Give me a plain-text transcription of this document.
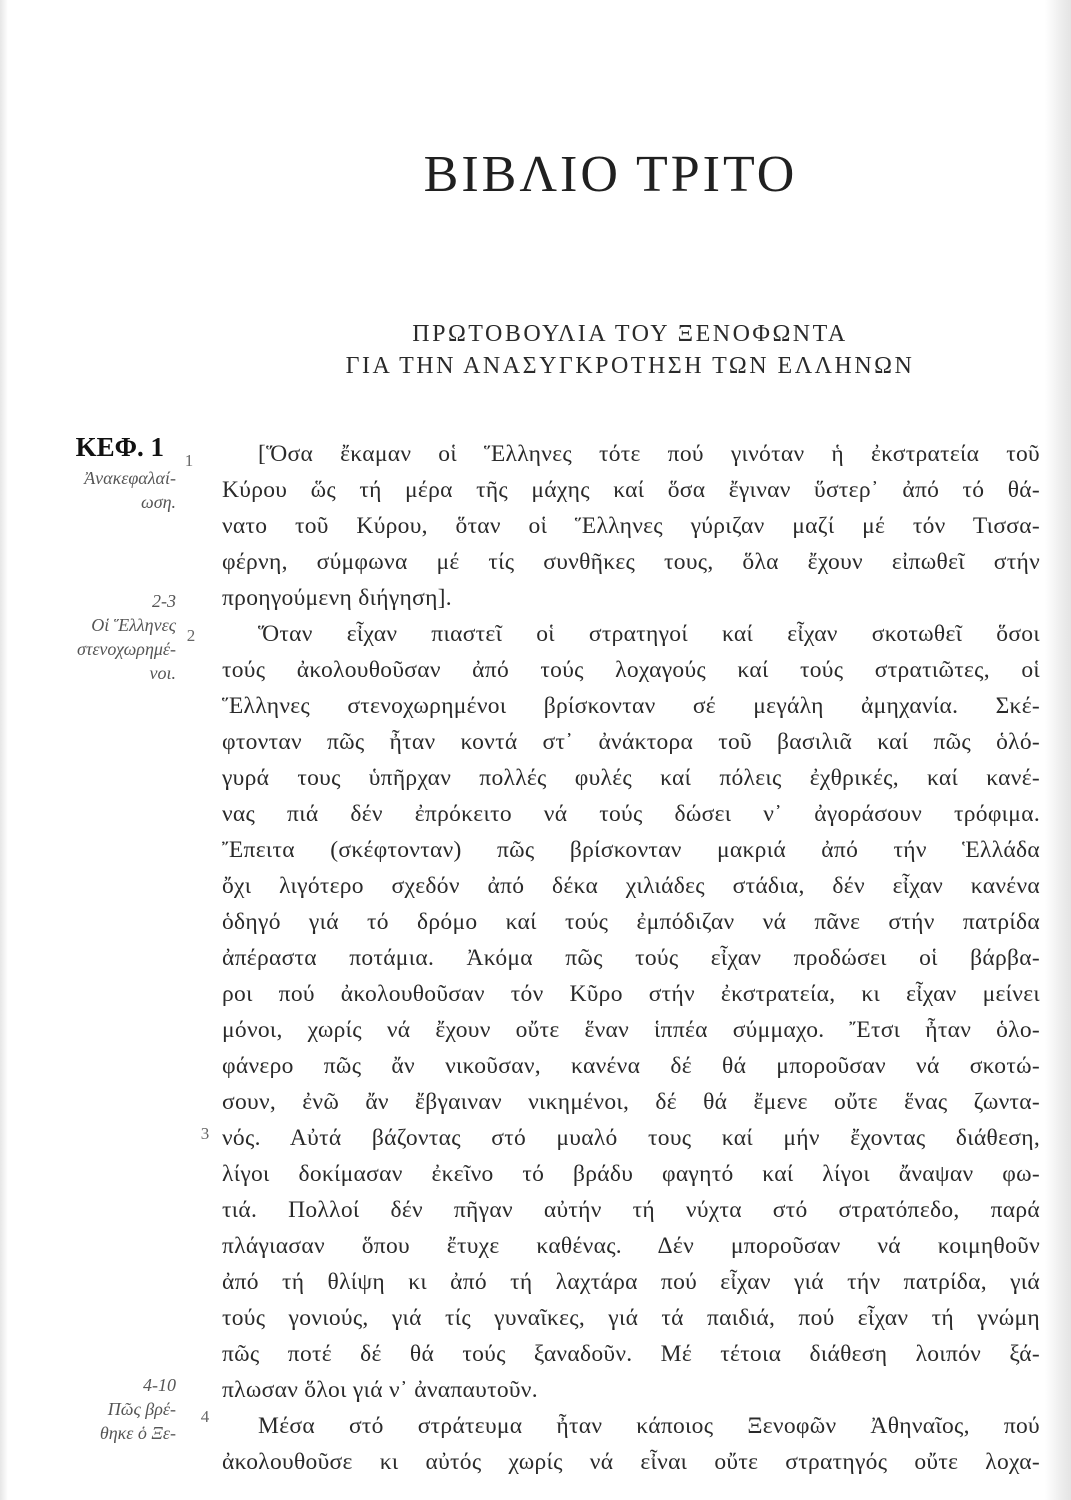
ΒΙΒΛΙΟ ΤΡΙΤΟ
ΠΡΩΤΟΒΟΥΛΙΑ ΤΟΥ ΞΕΝΟΦΩΝΤΑ
ΓΙΑ ΤΗΝ ΑΝΑΣΥΓΚΡΟΤΗΣΗ ΤΩΝ ΕΛΛΗΝΩΝ
ΚΕΦ. 1
Ἀνακεφαλαί-
ωση.
2-3
Οἱ Ἕλληνες
στενοχωρημέ-
νοι.
4-10
Πῶς βρέ-
θηκε ὁ Ξε-
1
2
3
4
[Ὅσα ἔκαμαν οἱ Ἕλληνες τότε πού γινόταν ἡ ἐκστρατεία τοῦ
Κύρου ὥς τή μέρα τῆς μάχης καί ὅσα ἔγιναν ὕστερ᾽ ἀπό τό θά-
νατο τοῦ Κύρου, ὅταν οἱ Ἕλληνες γύριζαν μαζί μέ τόν Τισσα-
φέρνη, σύμφωνα μέ τίς συνθῆκες τους, ὅλα ἔχουν εἰπωθεῖ στήν
προηγούμενη διήγηση].
Ὅταν εἶχαν πιαστεῖ οἱ στρατηγοί καί εἶχαν σκοτωθεῖ ὅσοι
τούς ἀκολουθοῦσαν ἀπό τούς λοχαγούς καί τούς στρατιῶτες, οἱ
Ἕλληνες στενοχωρημένοι βρίσκονταν σέ μεγάλη ἀμηχανία. Σκέ-
φτονταν πῶς ἦταν κοντά στ᾽ ἀνάκτορα τοῦ βασιλιᾶ καί πῶς ὁλό-
γυρά τους ὑπῆρχαν πολλές φυλές καί πόλεις ἐχθρικές, καί κανέ-
νας πιά δέν ἐπρόκειτο νά τούς δώσει ν᾽ ἀγοράσουν τρόφιμα.
Ἔπειτα (σκέφτονταν) πῶς βρίσκονταν μακριά ἀπό τήν Ἑλλάδα
ὄχι λιγότερο σχεδόν ἀπό δέκα χιλιάδες στάδια, δέν εἶχαν κανένα
ὁδηγό γιά τό δρόμο καί τούς ἐμπόδιζαν νά πᾶνε στήν πατρίδα
ἀπέραστα ποτάμια. Ἀκόμα πῶς τούς εἶχαν προδώσει οἱ βάρβα-
ροι πού ἀκολουθοῦσαν τόν Κῦρο στήν ἐκστρατεία, κι εἶχαν μείνει
μόνοι, χωρίς νά ἔχουν οὔτε ἕναν ἱππέα σύμμαχο. Ἔτσι ἦταν ὁλο-
φάνερο πῶς ἄν νικοῦσαν, κανένα δέ θά μποροῦσαν νά σκοτώ-
σουν, ἐνῶ ἄν ἔβγαιναν νικημένοι, δέ θά ἔμενε οὔτε ἕνας ζωντα-
νός. Αὐτά βάζοντας στό μυαλό τους καί μήν ἔχοντας διάθεση,
λίγοι δοκίμασαν ἐκεῖνο τό βράδυ φαγητό καί λίγοι ἄναψαν φω-
τιά. Πολλοί δέν πῆγαν αὐτήν τή νύχτα στό στρατόπεδο, παρά
πλάγιασαν ὅπου ἔτυχε καθένας. Δέν μποροῦσαν νά κοιμηθοῦν
ἀπό τή θλίψη κι ἀπό τή λαχτάρα πού εἶχαν γιά τήν πατρίδα, γιά
τούς γονιούς, γιά τίς γυναῖκες, γιά τά παιδιά, πού εἶχαν τή γνώμη
πῶς ποτέ δέ θά τούς ξαναδοῦν. Μέ τέτοια διάθεση λοιπόν ξά-
πλωσαν ὅλοι γιά ν᾽ ἀναπαυτοῦν.
Μέσα στό στράτευμα ἦταν κάποιος Ξενοφῶν Ἀθηναῖος, πού
ἀκολουθοῦσε κι αὐτός χωρίς νά εἶναι οὔτε στρατηγός οὔτε λοχα-
